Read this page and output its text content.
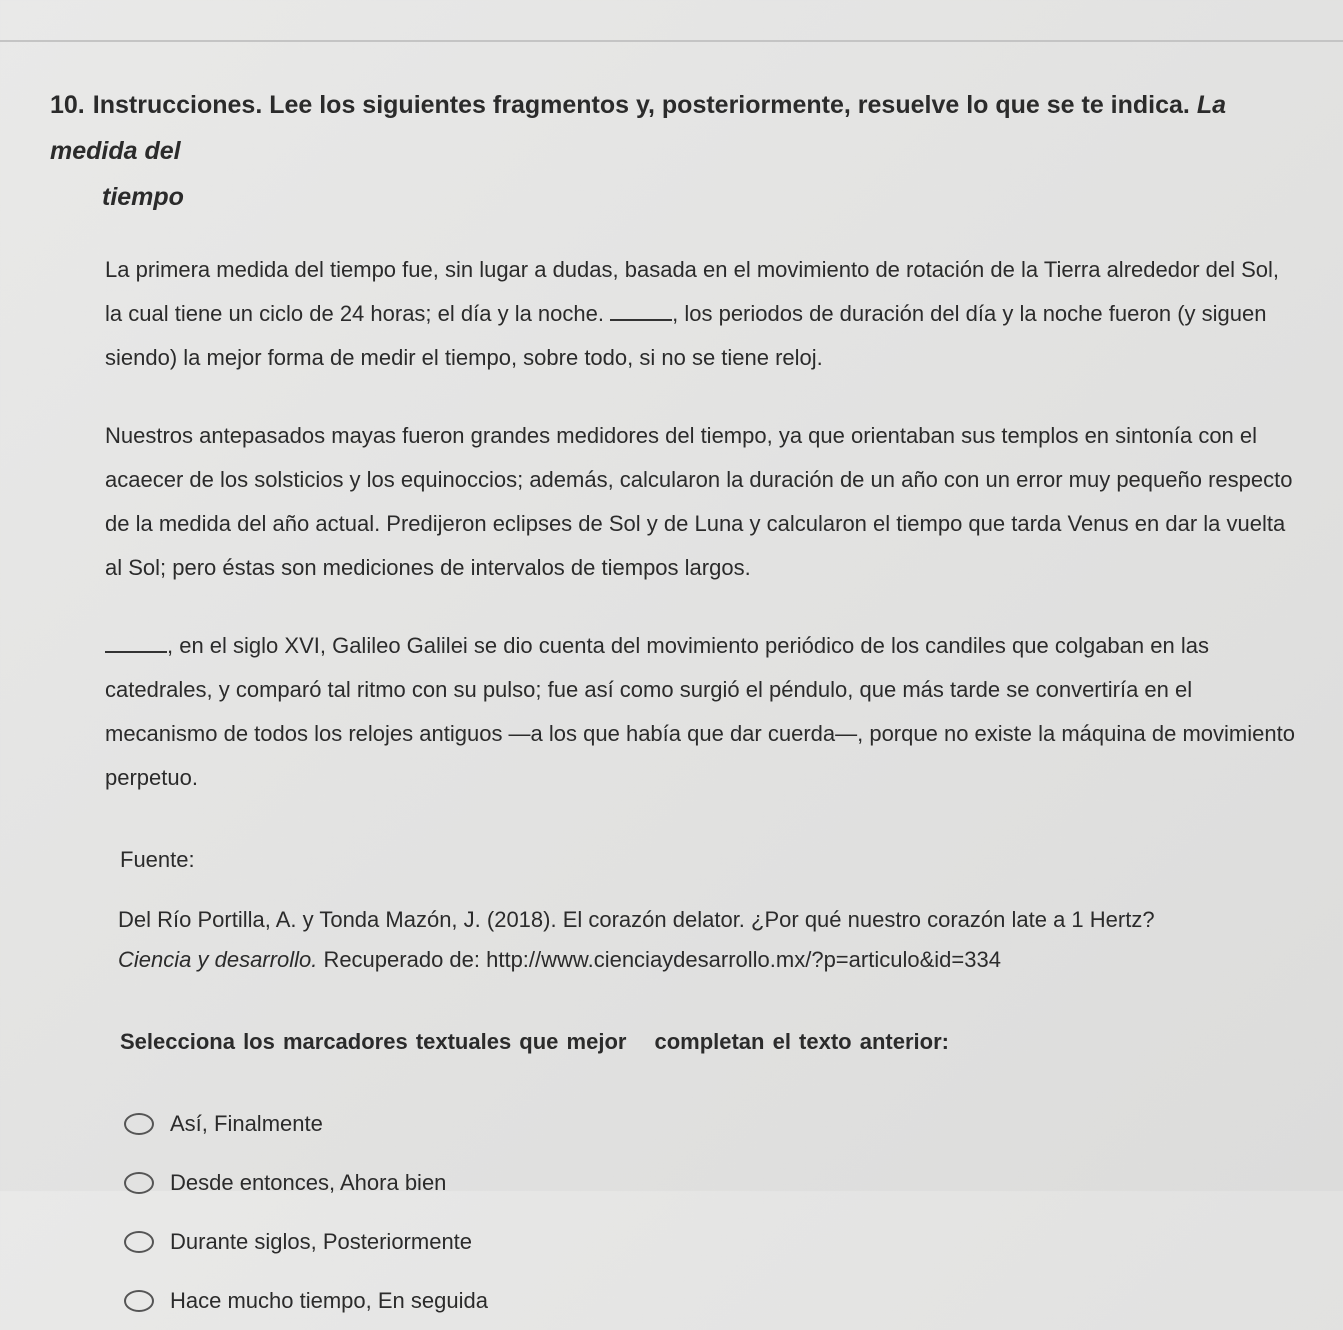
10. Instrucciones. Lee los siguientes fragmentos y, posteriormente, resuelve lo que se te indica. La medida del
tiempo

La primera medida del tiempo fue, sin lugar a dudas, basada en el movimiento de rotación de la Tierra alrededor del Sol, la cual tiene un ciclo de 24 horas; el día y la noche.	, los periodos de duración del día y la noche fueron (y siguen siendo) la mejor forma de medir el tiempo, sobre todo, si no se tiene reloj.

Nuestros antepasados mayas fueron grandes medidores del tiempo, ya que orientaban sus templos en sintonía con el acaecer de los solsticios y los equinoccios; además, calcularon la duración de un año con un error muy pequeño respecto de la medida del año actual. Predijeron eclipses de Sol y de Luna y calcularon el tiempo que tarda Venus en dar la vuelta al Sol; pero éstas son mediciones de intervalos de tiempos largos.

, en el siglo XVI, Galileo Galilei se dio cuenta del movimiento periódico de los candiles que colgaban en las catedrales, y comparó tal ritmo con su pulso; fue así como surgió el péndulo, que más tarde se convertiría en el mecanismo de todos los relojes antiguos —a los que había que dar cuerda—, porque no existe la máquina de movimiento perpetuo.

Fuente:

Del Río Portilla, A. y Tonda Mazón, J. (2018). El corazón delator. ¿Por qué nuestro corazón late a 1 Hertz?
Ciencia y desarrollo. Recuperado de: http://www.cienciaydesarrollo.mx/?p=articulo&id=334

Selecciona los marcadores textuales que mejor completan el texto anterior:

Así, Finalmente
Desde entonces, Ahora bien
Durante siglos, Posteriormente
Hace mucho tiempo, En seguida
